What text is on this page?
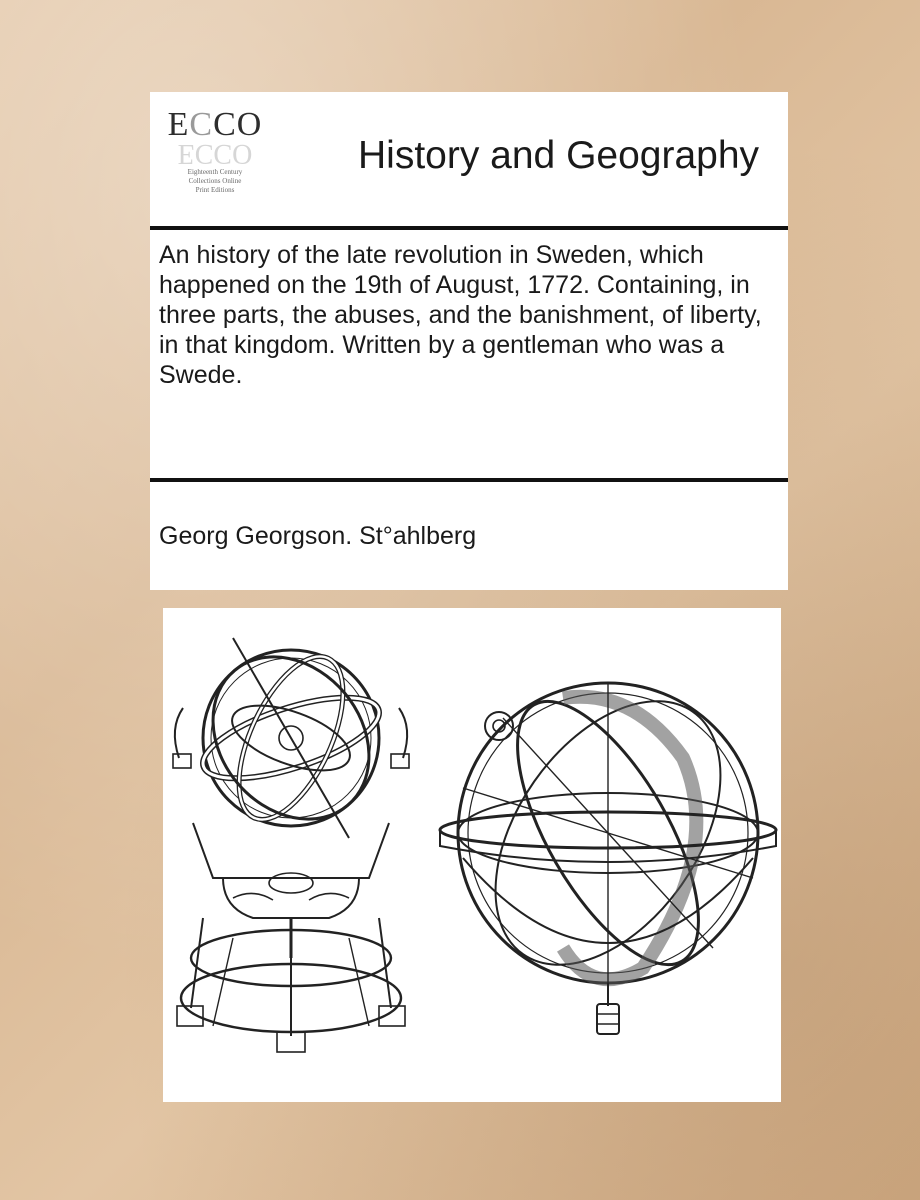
ECCO
ECCO
Eighteenth Century
Collections Online
Print Editions
History and Geography
An history of the late revolution in Sweden, which happened on the 19th of August, 1772. Containing, in three parts, the abuses, and the banishment, of liberty, in that kingdom. Written by a gentleman who was a Swede.
Georg Georgson. St°ahlberg
